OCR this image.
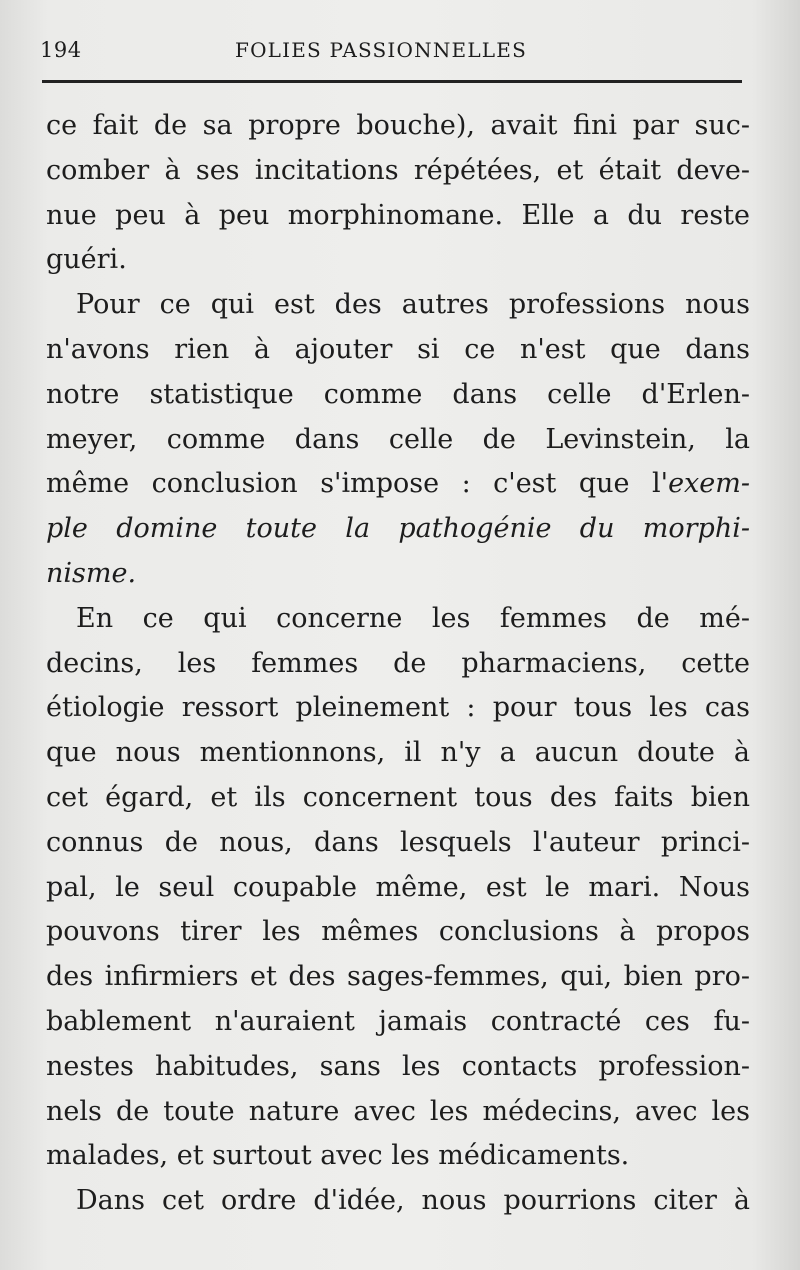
194	FOLIES PASSIONNELLES
ce fait de sa propre bouche), avait fini par suc-
comber à ses incitations répétées, et était deve-
nue peu à peu morphinomane. Elle a du reste
guéri.
Pour ce qui est des autres professions nous
n'avons rien à ajouter si ce n'est que dans
notre statistique comme dans celle d'Erlen-
meyer, comme dans celle de Levinstein, la
même conclusion s'impose : c'est que l'exem-
ple domine toute la pathogénie du morphi-
nisme.
En ce qui concerne les femmes de mé-
decins, les femmes de pharmaciens, cette
étiologie ressort pleinement : pour tous les cas
que nous mentionnons, il n'y a aucun doute à
cet égard, et ils concernent tous des faits bien
connus de nous, dans lesquels l'auteur princi-
pal, le seul coupable même, est le mari. Nous
pouvons tirer les mêmes conclusions à propos
des infirmiers et des sages-femmes, qui, bien pro-
bablement n'auraient jamais contracté ces fu-
nestes habitudes, sans les contacts profession-
nels de toute nature avec les médecins, avec les
malades, et surtout avec les médicaments.
Dans cet ordre d'idée, nous pourrions citer à
